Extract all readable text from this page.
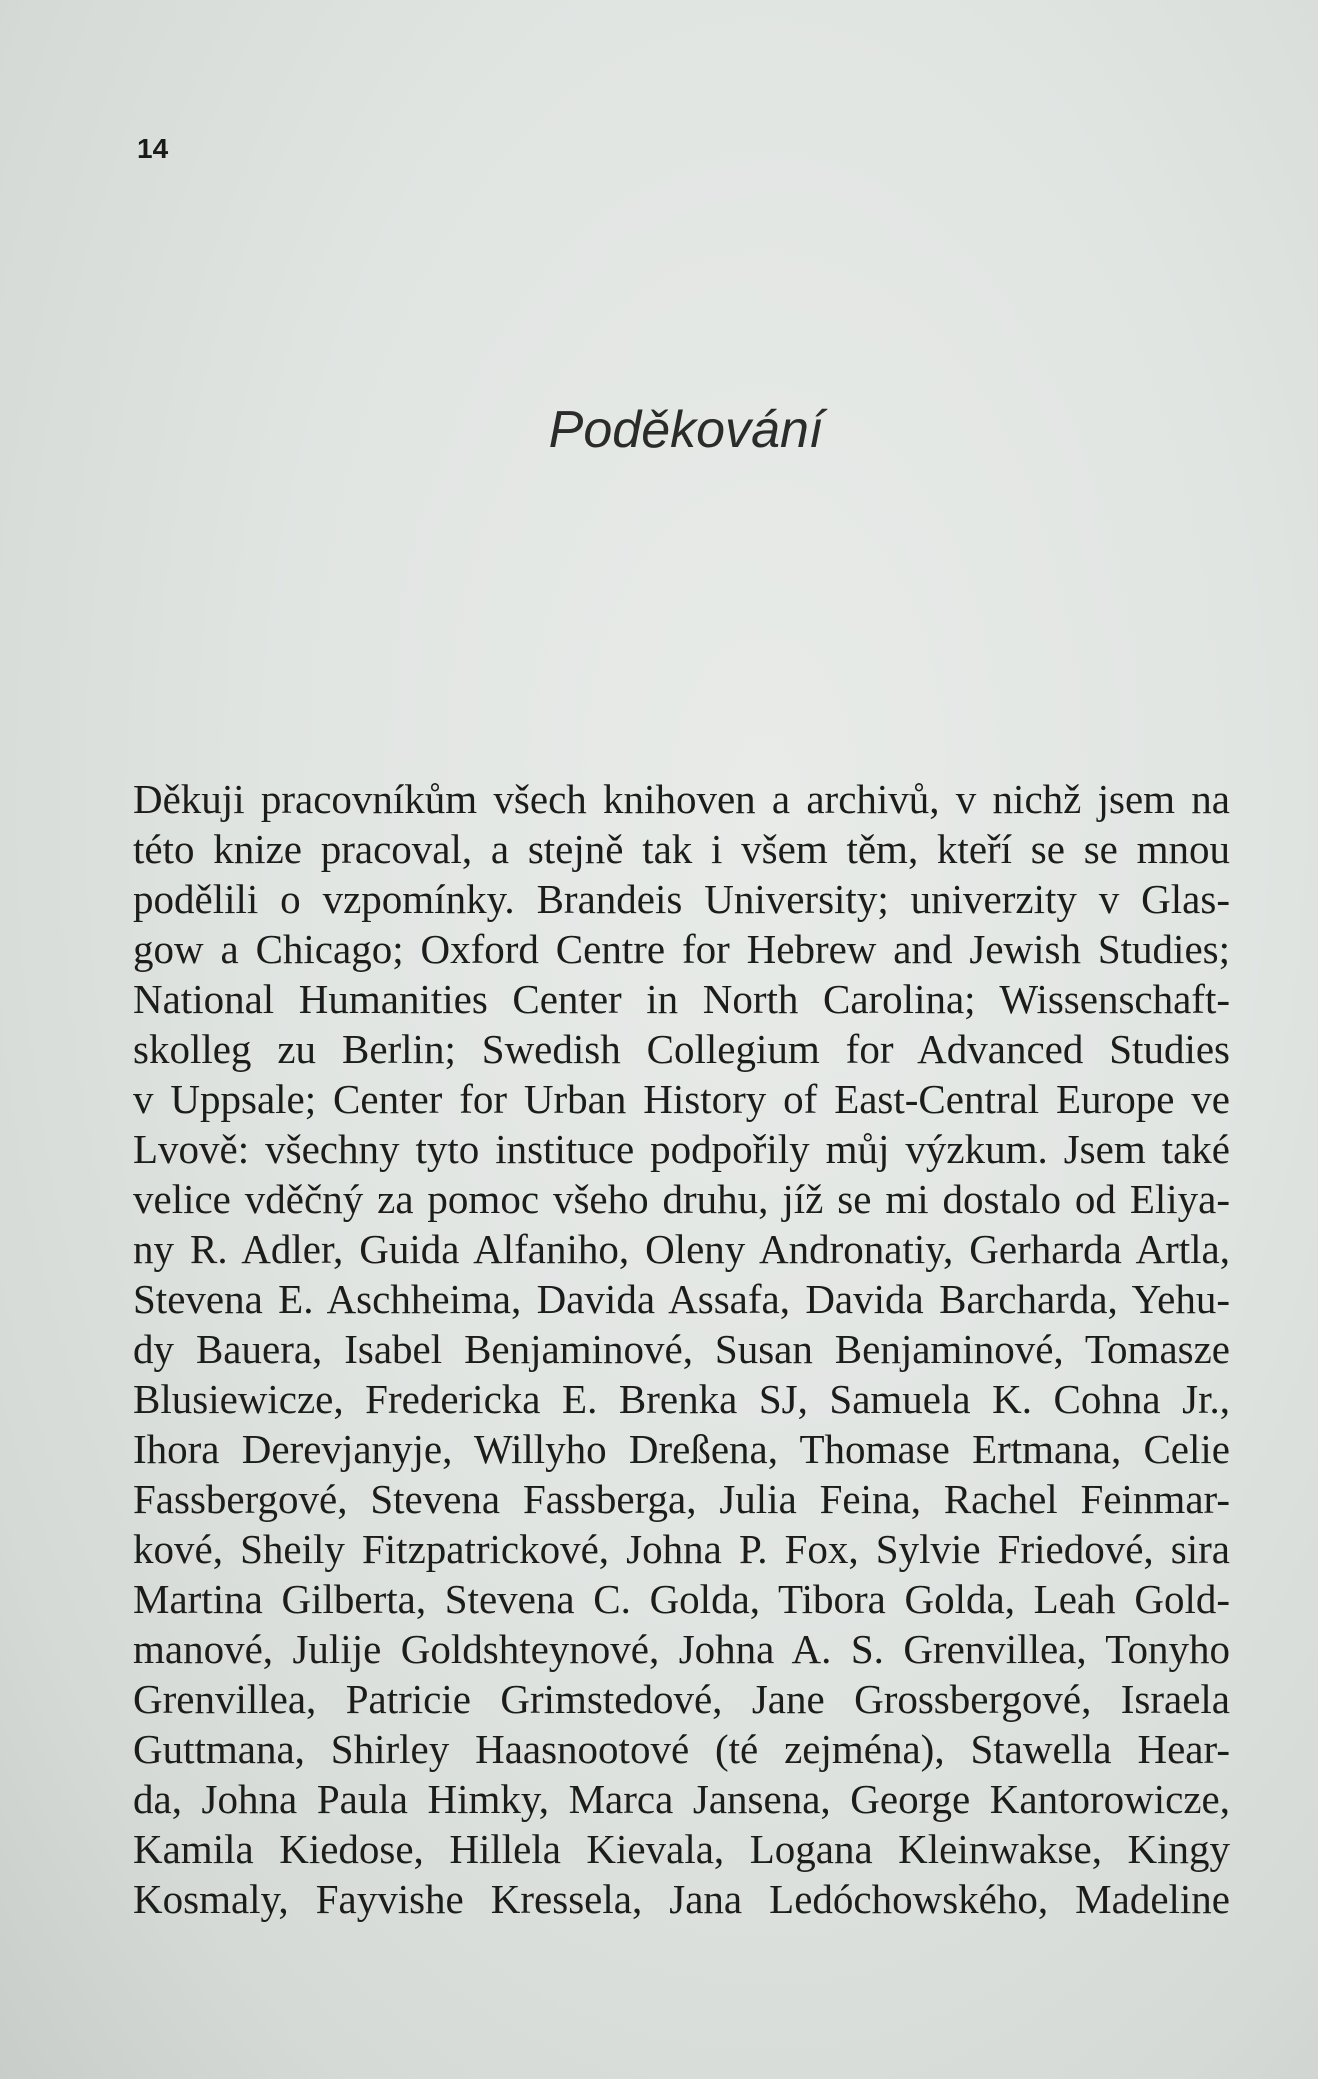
14
Poděkování
Děkuji pracovníkům všech knihoven a archivů, v nichž jsem na
této knize pracoval, a stejně tak i všem těm, kteří se se mnou
podělili o vzpomínky. Brandeis University; univerzity v Glas-
gow a Chicago; Oxford Centre for Hebrew and Jewish Studies;
National Humanities Center in North Carolina; Wissenschaft-
skolleg zu Berlin; Swedish Collegium for Advanced Studies
v Uppsale; Center for Urban History of East-Central Europe ve
Lvově: všechny tyto instituce podpořily můj výzkum. Jsem také
velice vděčný za pomoc všeho druhu, jíž se mi dostalo od Eliya-
ny R. Adler, Guida Alfaniho, Oleny Andronatiy, Gerharda Artla,
Stevena E. Aschheima, Davida Assafa, Davida Barcharda, Yehu-
dy Bauera, Isabel Benjaminové, Susan Benjaminové, Tomasze
Blusiewicze, Fredericka E. Brenka SJ, Samuela K. Cohna Jr.,
Ihora Derevjanyje, Willyho Dreßena, Thomase Ertmana, Celie
Fassbergové, Stevena Fassberga, Julia Feina, Rachel Feinmar-
kové, Sheily Fitzpatrickové, Johna P. Fox, Sylvie Friedové, sira
Martina Gilberta, Stevena C. Golda, Tibora Golda, Leah Gold-
manové, Julije Goldshteynové, Johna A. S. Grenvillea, Tonyho
Grenvillea, Patricie Grimstedové, Jane Grossbergové, Israela
Guttmana, Shirley Haasnootové (té zejména), Stawella Hear-
da, Johna Paula Himky, Marca Jansena, George Kantorowicze,
Kamila Kiedose, Hillela Kievala, Logana Kleinwakse, Kingy
Kosmaly, Fayvishe Kressela, Jana Ledóchowského, Madeline
